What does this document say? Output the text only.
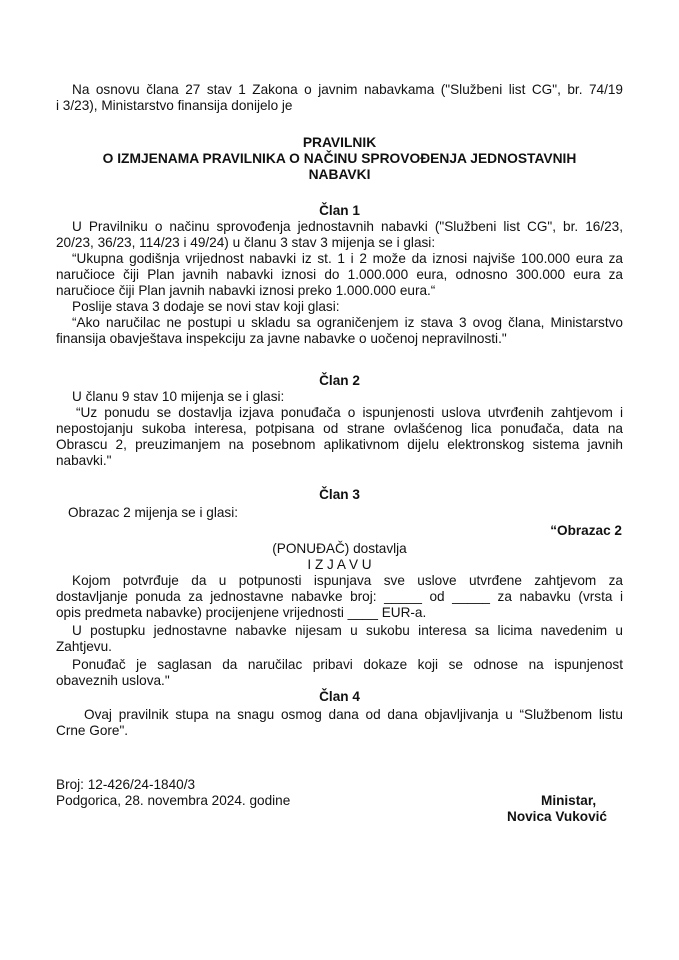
Na osnovu člana 27 stav 1 Zakona o javnim nabavkama ("Službeni list CG", br. 74/19
i 3/23), Ministarstvo finansija donijelo je
PRAVILNIK
O IZMJENAMA PRAVILNIKA O NAČINU SPROVOĐENJA JEDNOSTAVNIH
NABAVKI
Član 1
U Pravilniku o načinu sprovođenja jednostavnih nabavki ("Službeni list CG", br. 16/23,
20/23, 36/23, 114/23 i 49/24) u članu 3 stav 3 mijenja se i glasi:
“Ukupna godišnja vrijednost nabavki iz st. 1 i 2 može da iznosi najviše 100.000 eura za
naručioce čiji Plan javnih nabavki iznosi do 1.000.000 eura, odnosno 300.000 eura za
naručioce čiji Plan javnih nabavki iznosi preko 1.000.000 eura.“
Poslije stava 3 dodaje se novi stav koji glasi:
“Ako naručilac ne postupi u skladu sa ograničenjem iz stava 3 ovog člana, Ministarstvo
finansija obavještava inspekciju za javne nabavke o uočenoj nepravilnosti."
Član 2
U članu 9 stav 10 mijenja se i glasi:
“Uz ponudu se dostavlja izjava ponuđača o ispunjenosti uslova utvrđenih zahtjevom i
nepostojanju sukoba interesa, potpisana od strane ovlašćenog lica ponuđača, data na
Obrascu 2, preuzimanjem na posebnom aplikativnom dijelu elektronskog sistema javnih
nabavki."
Član 3
Obrazac 2 mijenja se i glasi:
“Obrazac 2
(PONUĐAČ) dostavlja
I Z J A V U
Kojom potvrđuje da u potpunosti ispunjava sve uslove utvrđene zahtjevom za
dostavljanje ponuda za jednostavne nabavke broj: _____ od _____ za nabavku (vrsta i
opis predmeta nabavke) procijenjene vrijednosti ____ EUR-a.
U postupku jednostavne nabavke nijesam u sukobu interesa sa licima navedenim u
Zahtjevu.
Ponuđač je saglasan da naručilac pribavi dokaze koji se odnose na ispunjenost
obaveznih uslova."
Član 4
Ovaj pravilnik stupa na snagu osmog dana od dana objavljivanja u “Službenom listu
Crne Gore".
Broj: 12-426/24-1840/3
Podgorica, 28. novembra 2024. godine	Ministar,
Novica Vuković
